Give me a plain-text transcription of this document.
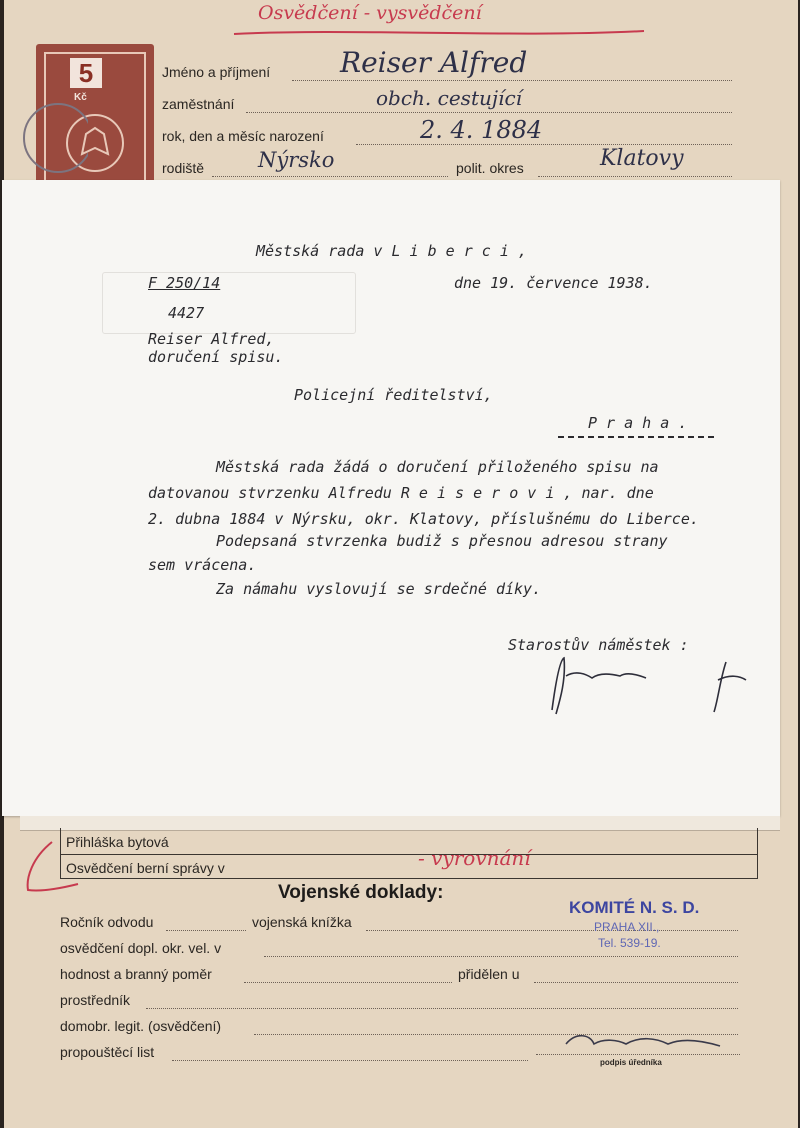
Osvědčení - vysvědčení
5
Kč
Jméno a příjmení Reiser Alfred
zaměstnání	obch. cestující
rok, den a měsíc narození	2. 4. 1884
rodiště	Nýrsko	polit. okres	Klatovy
Městská rada v L i b e r c i ,
F 250/14	dne 19. července 1938.
4427
Reiser Alfred,
doručení spisu.
Policejní ředitelství,
P r a h a .
Městská rada žádá o doručení přiloženého spisu na
datovanou stvrzenku Alfredu R e i s e r o v i , nar. dne
2. dubna 1884 v Nýrsku, okr. Klatovy, příslušnému do Liberce.
Podepsaná stvrzenka budiž s přesnou adresou strany
sem vrácena.
Za námahu vyslovují se srdečné díky.
Starostův náměstek :
Přihláška bytová
Osvědčení berní správy v	- vyrovnání
Vojenské doklady:
Ročník odvodu	vojenská knížka
osvědčení dopl. okr. vel. v
hodnost a branný poměr	přidělen u
prostředník
domobr. legit. (osvědčení)
propouštěcí list
KOMITÉ N. S. D.
PRAHA XII.,
Tel. 539-19.
podpis úředníka
